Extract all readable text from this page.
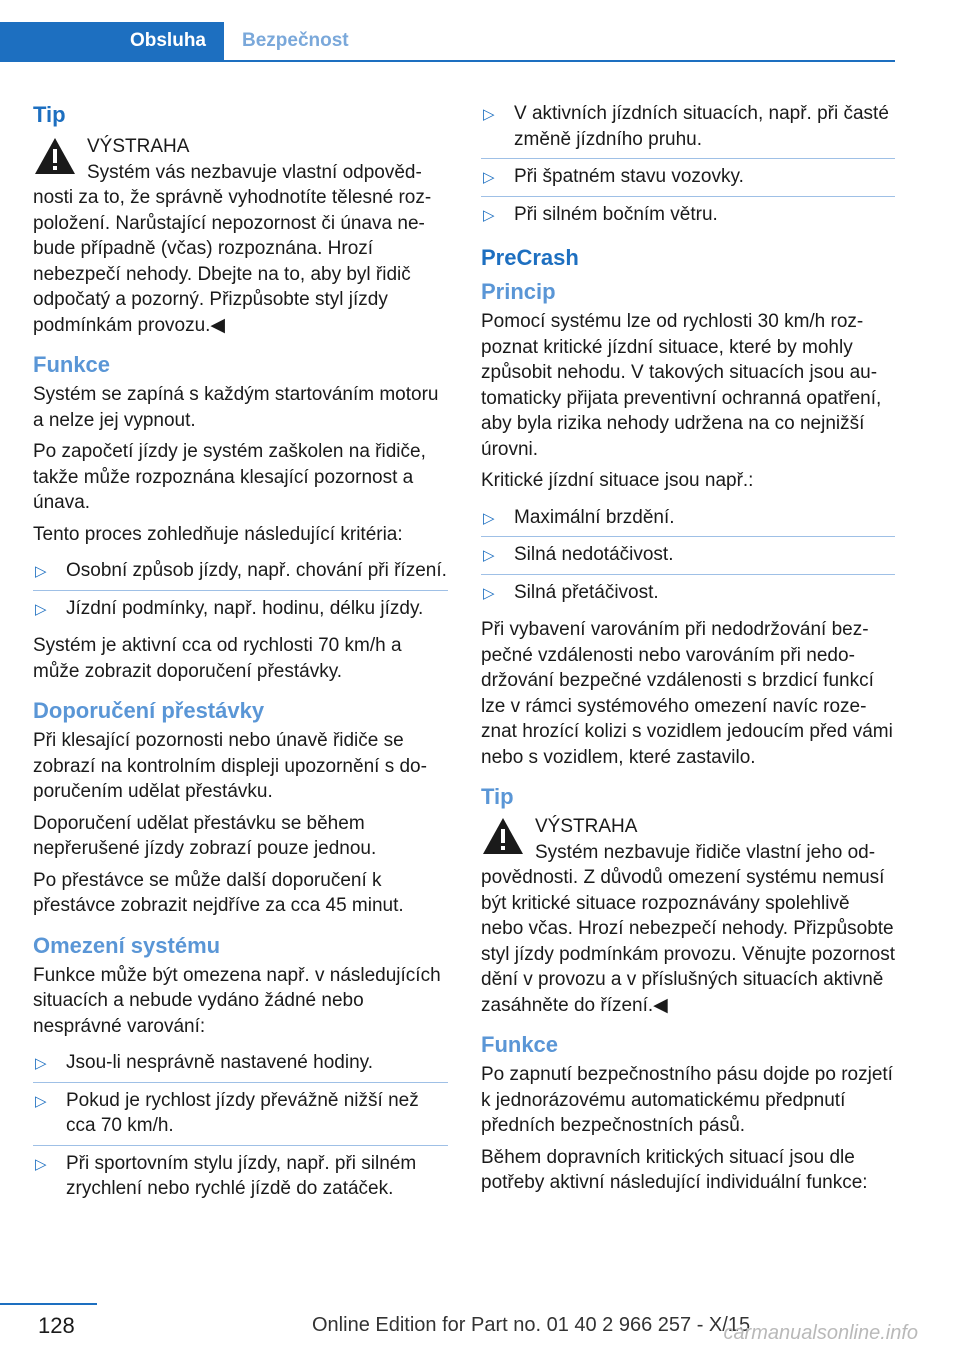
Obsluha	Bezpečnost
Tip
VÝSTRAHA
Systém vás nezbavuje vlastní odpovědnosti za to, že správně vyhodnotíte tělesné rozpoložení. Narůstající nepozornost či únava nebude případně (včas) rozpoznána. Hrozí nebezpečí nehody. Dbejte na to, aby byl řidič odpočatý a pozorný. Přizpůsobte styl jízdy podmínkám provozu.◀
Funkce

Systém se zapíná s každým startováním motoru a nelze jej vypnout.

Po započetí jízdy je systém zaškolen na řidiče, takže může rozpoznána klesající pozornost a únava.

Tento proces zohledňuje následující kritéria:

▷ Osobní způsob jízdy, např. chování při řízení.
▷ Jízdní podmínky, např. hodinu, délku jízdy.

Systém je aktivní cca od rychlosti 70 km/h a může zobrazit doporučení přestávky.

Doporučení přestávky

Při klesající pozornosti nebo únavě řidiče se zobrazí na kontrolním displeji upozornění s doporučením udělat přestávku.

Doporučení udělat přestávku se během nepřerušené jízdy zobrazí pouze jednou.

Po přestávce se může další doporučení k přestávce zobrazit nejdříve za cca 45 minut.

Omezení systému

Funkce může být omezena např. v následujících situacích a nebude vydáno žádné nebo nesprávné varování:

▷ Jsou-li nesprávně nastavené hodiny.
▷ Pokud je rychlost jízdy převážně nižší než cca 70 km/h.
▷ Při sportovním stylu jízdy, např. při silném zrychlení nebo rychlé jízdě do zatáček.
▷ V aktivních jízdních situacích, např. při časté změně jízdního pruhu.
▷ Při špatném stavu vozovky.
▷ Při silném bočním větru.
PreCrash
Princip

Pomocí systému lze od rychlosti 30 km/h rozpoznat kritické jízdní situace, které by mohly způsobit nehodu. V takových situacích jsou automaticky přijata preventivní ochranná opatření, aby byla rizika nehody udržena na co nejnižší úrovni.

Kritické jízdní situace jsou např.:

▷ Maximální brzdění.
▷ Silná nedotáčivost.
▷ Silná přetáčivost.

Při vybavení varováním při nedodržování bezpečné vzdálenosti nebo varováním při nedodržování bezpečné vzdálenosti s brzdicí funkcí lze v rámci systémového omezení navíc rozeznat hrozící kolizi s vozidlem jedoucím před vámi nebo s vozidlem, které zastavilo.

Tip
VÝSTRAHA
Systém nezbavuje řidiče vlastní jeho odpovědnosti. Z důvodů omezení systému nemusí být kritické situace rozpoznávány spolehlivě nebo včas. Hrozí nebezpečí nehody. Přizpůsobte styl jízdy podmínkám provozu. Věnujte pozornost dění v provozu a v příslušných situacích aktivně zasáhněte do řízení.◀
Funkce

Po zapnutí bezpečnostního pásu dojde po rozjetí k jednorázovému automatickému předpnutí předních bezpečnostních pásů.

Během dopravních kritických situací jsou dle potřeby aktivní následující individuální funkce:

128	Online Edition for Part no. 01 40 2 966 257 - X/15
carmanualsonline.info
